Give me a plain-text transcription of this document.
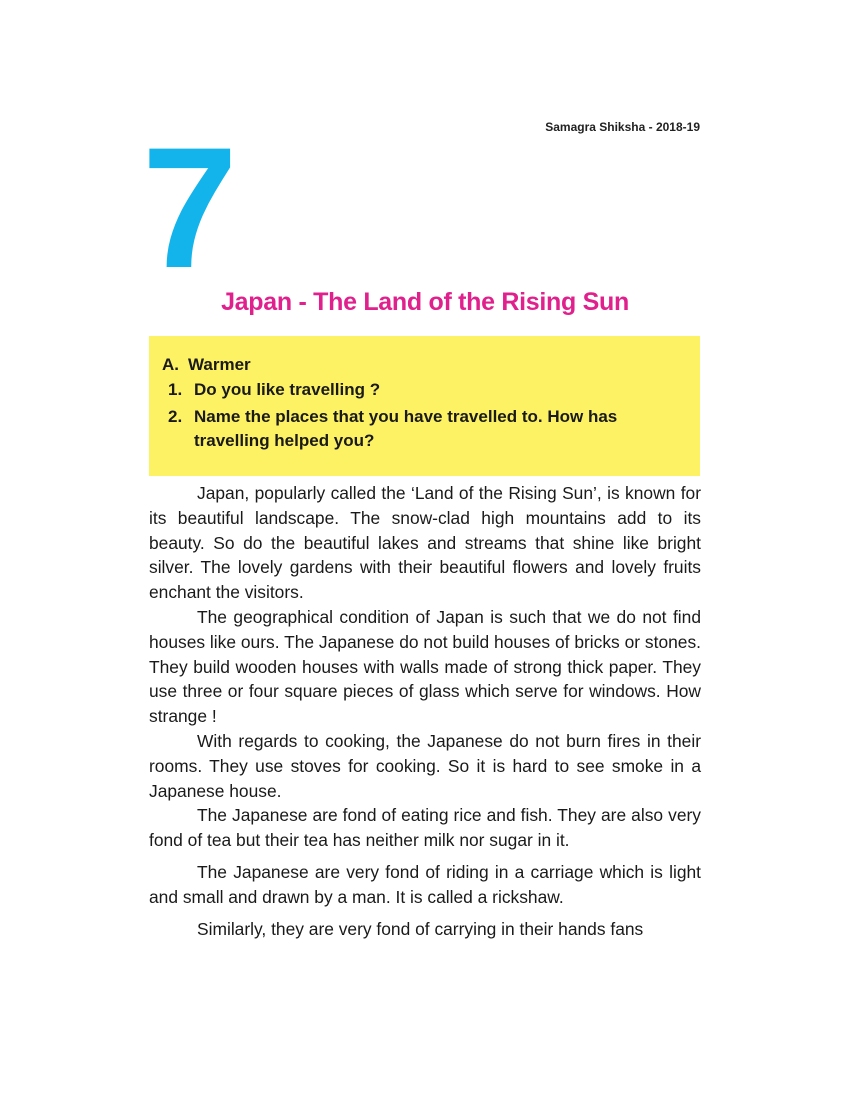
Samagra Shiksha - 2018-19
7
Japan - The Land of the Rising Sun
A. Warmer
1. Do you like travelling ?
2. Name the places that you have travelled to. How has travelling helped you?

Japan, popularly called the ‘Land of the Rising Sun’, is known for its beautiful landscape. The snow-clad high mountains add to its beauty. So do the beautiful lakes and streams that shine like bright silver. The lovely gardens with their beautiful flowers and lovely fruits enchant the visitors.

The geographical condition of Japan is such that we do not find houses like ours. The Japanese do not build houses of bricks or stones. They build wooden houses with walls made of strong thick paper. They use three or four square pieces of glass which serve for windows. How strange !

With regards to cooking, the Japanese do not burn fires in their rooms. They use stoves for cooking. So it is hard to see smoke in a Japanese house.

The Japanese are fond of eating rice and fish. They are also very fond of tea but their tea has neither milk nor sugar in it.

The Japanese are very fond of riding in a carriage which is light and small and drawn by a man. It is called a rickshaw.

Similarly, they are very fond of carrying in their hands fans
